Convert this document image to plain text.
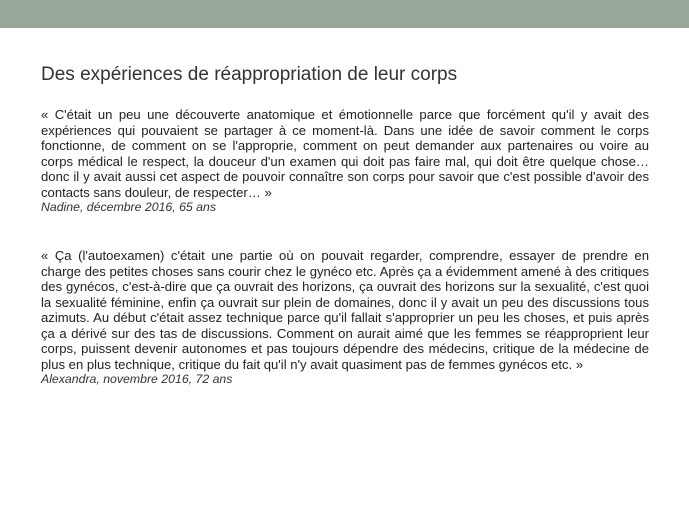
Des expériences de réappropriation de leur corps

« C'était un peu une découverte anatomique et émotionnelle parce que forcément qu'il y avait des expériences qui pouvaient se partager à ce moment-là. Dans une idée de savoir comment le corps fonctionne, de comment on se l'approprie, comment on peut demander aux partenaires ou voire au corps médical le respect, la douceur d'un examen qui doit pas faire mal, qui doit être quelque chose… donc il y avait aussi cet aspect de pouvoir connaître son corps pour savoir que c'est possible d'avoir des contacts sans douleur, de respecter… »

Nadine, décembre 2016, 65 ans

« Ça (l'autoexamen) c'était une partie où on pouvait regarder, comprendre, essayer de prendre en charge des petites choses sans courir chez le gynéco etc. Après ça a évidemment amené à des critiques des gynécos, c'est-à-dire que ça ouvrait des horizons, ça ouvrait des horizons sur la sexualité, c'est quoi la sexualité féminine, enfin ça ouvrait sur plein de domaines, donc il y avait un peu des discussions tous azimuts. Au début c'était assez technique parce qu'il fallait s'approprier un peu les choses, et puis après ça a dérivé sur des tas de discussions. Comment on aurait aimé que les femmes se réapproprient leur corps, puissent devenir autonomes et pas toujours dépendre des médecins, critique de la médecine de plus en plus technique, critique du fait qu'il n'y avait quasiment pas de femmes gynécos etc. »

Alexandra, novembre 2016, 72 ans
